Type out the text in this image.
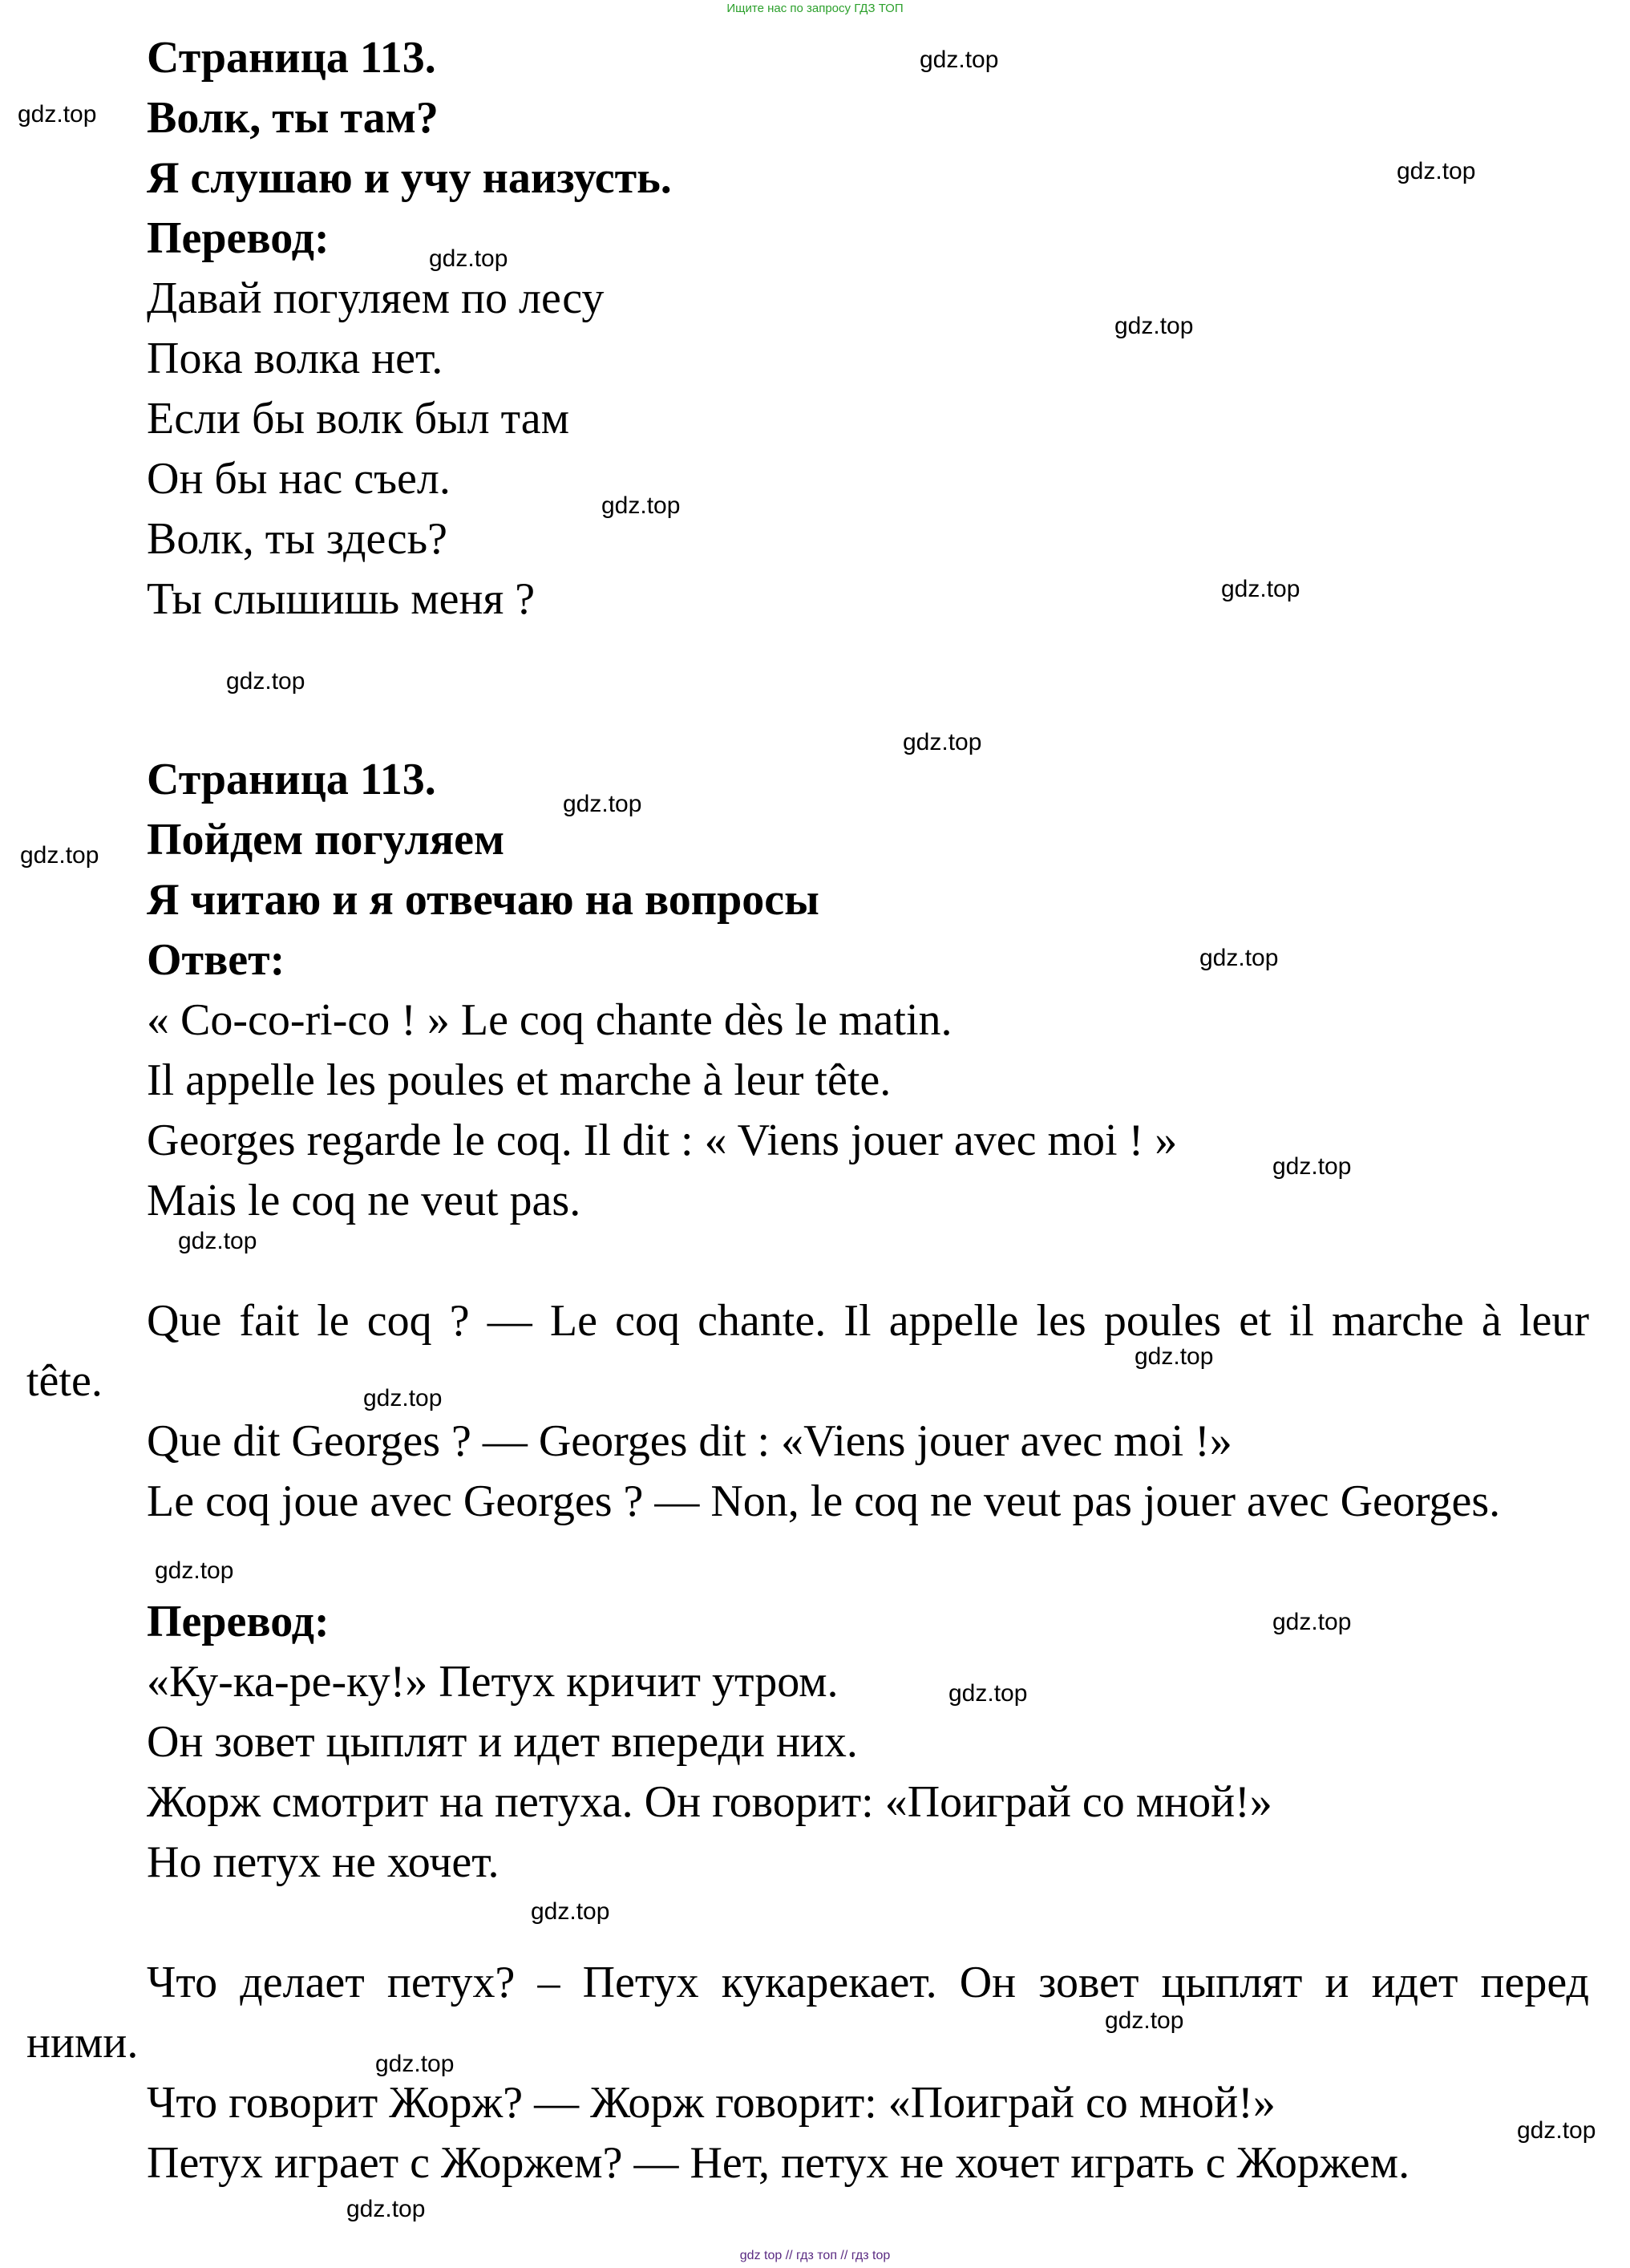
Ищите нас по запросу ГДЗ ТОП
Страница 113.
Волк, ты там?
Я слушаю и учу наизусть.
Перевод:
Давай погуляем по лесу
Пока волка нет.
Если бы волк был там
Он бы нас съел.
Волк, ты здесь?
Ты слышишь меня ?
Страница 113.
Пойдем погуляем
Я читаю и я отвечаю на вопросы
Ответ:
« Co-co-ri-co ! » Le coq chante dès le matin.
Il appelle les poules et marche à leur tête.
Georges regarde le coq. Il dit : « Viens jouer avec moi ! »
Mais le coq ne veut pas.
Que fait le coq ? — Le coq chante. Il appelle les poules et il marche à leur
tête.
Que dit Georges ? — Georges dit : «Viens jouer avec moi !»
Le coq joue avec Georges ? — Non, le coq ne veut pas jouer avec Georges.
Перевод:
«Ку-ка-ре-ку!» Петух кричит утром.
Он зовет цыплят и идет впереди них.
Жорж смотрит на петуха. Он говорит: «Поиграй со мной!»
Но петух не хочет.
Что делает петух? – Петух кукарекает. Он зовет цыплят и идет перед
ними.
Что говорит Жорж? — Жорж говорит: «Поиграй со мной!»
Петух играет с Жоржем? — Нет, петух не хочет играть с Жоржем.
gdz.top
gdz.top
gdz.top
gdz.top
gdz.top
gdz.top
gdz.top
gdz.top
gdz.top
gdz.top
gdz.top
gdz.top
gdz.top
gdz.top
gdz.top
gdz.top
gdz.top
gdz.top
gdz.top
gdz.top
gdz.top
gdz.top
gdz.top
gdz.top
gdz top // гдз топ // гдз top
